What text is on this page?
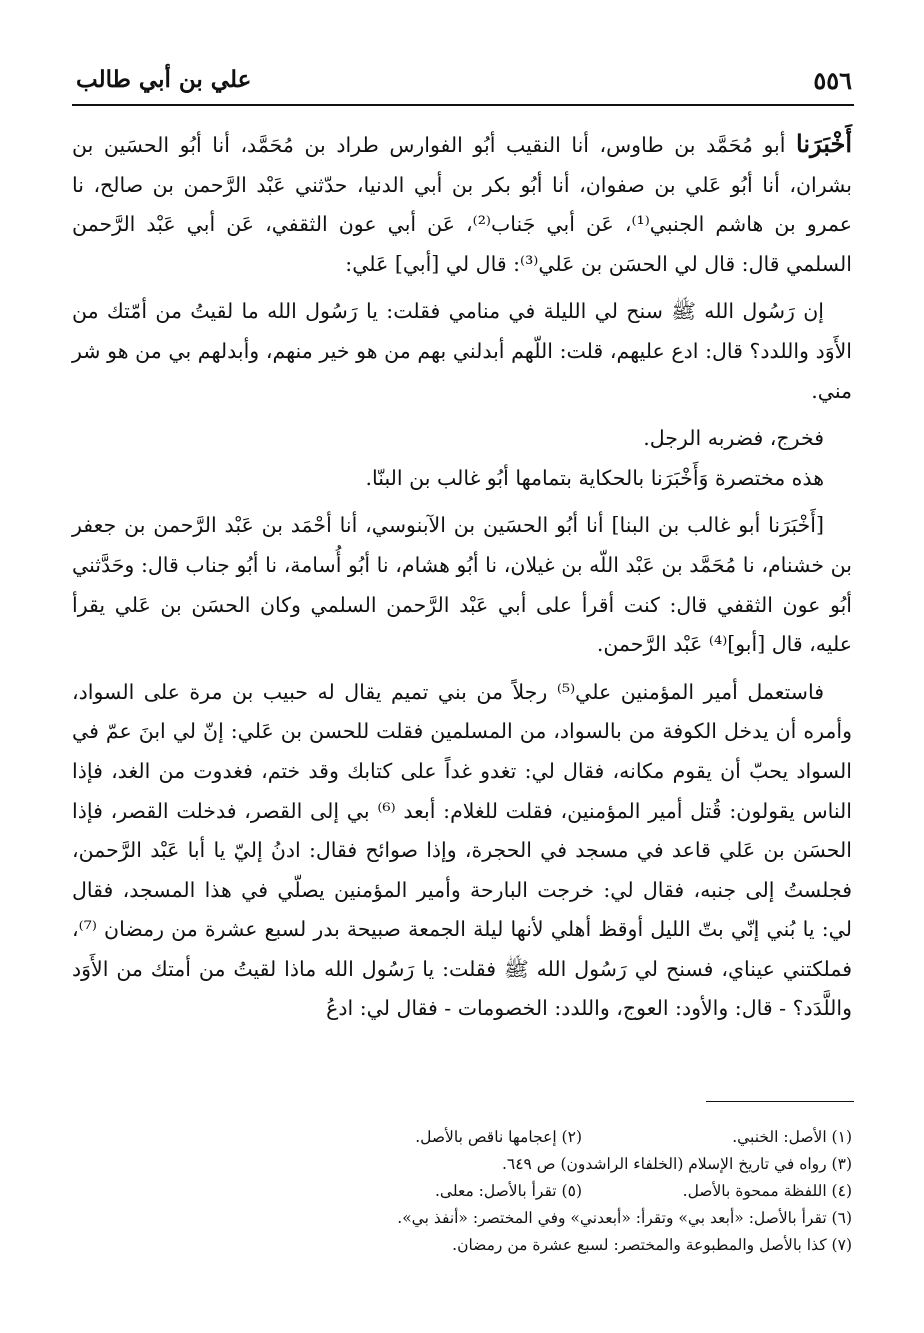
٥٥٦
علي بن أبي طالب

أَخْبَرَنا أبو مُحَمَّد بن طاوس، أنا النقيب أبُو الفوارس طراد بن مُحَمَّد، أنا أبُو الحسَين بن بشران، أنا أبُو عَلي بن صفوان، أنا أبُو بكر بن أبي الدنيا، حدّثني عَبْد الرَّحمن بن صالح، نا عمرو بن هاشم الجنبي⁽¹⁾، عَن أبي جَناب⁽²⁾، عَن أبي عون الثقفي، عَن أبي عَبْد الرَّحمن السلمي قال: قال لي الحسَن بن عَلي⁽³⁾: قال لي [أبي] عَلي:

إن رَسُول الله ﷺ سنح لي الليلة في منامي فقلت: يا رَسُول الله ما لقيتُ من أمّتك من الأَوَد واللدد؟ قال: ادع عليهم، قلت: اللّهم أبدلني بهم من هو خير منهم، وأبدلهم بي من هو شر مني.

فخرج، فضربه الرجل.

هذه مختصرة وَأَخْبَرَنا بالحكاية بتمامها أبُو غالب بن البنّا.

[أَخْبَرَنا أبو غالب بن البنا] أنا أبُو الحسَين بن الآبنوسي، أنا أحْمَد بن عَبْد الرَّحمن بن جعفر بن خشنام، نا مُحَمَّد بن عَبْد اللّه بن غيلان، نا أبُو هشام، نا أبُو أُسامة، نا أبُو جناب قال: وحَدَّثني أبُو عون الثقفي قال: كنت أقرأ على أبي عَبْد الرَّحمن السلمي وكان الحسَن بن عَلي يقرأ عليه، قال [أبو]⁽⁴⁾ عَبْد الرَّحمن.

فاستعمل أمير المؤمنين علي⁽⁵⁾ رجلاً من بني تميم يقال له حبيب بن مرة على السواد، وأمره أن يدخل الكوفة من بالسواد، من المسلمين فقلت للحسن بن عَلي: إنّ لي ابنَ عمّ في السواد يحبّ أن يقوم مكانه، فقال لي: تغدو غداً على كتابك وقد ختم، فغدوت من الغد، فإذا الناس يقولون: قُتل أمير المؤمنين، فقلت للغلام: أبعد ⁽⁶⁾ بي إلى القصر، فدخلت القصر، فإذا الحسَن بن عَلي قاعد في مسجد في الحجرة، وإذا صوائح فقال: ادنُ إليّ يا أبا عَبْد الرَّحمن، فجلستُ إلى جنبه، فقال لي: خرجت البارحة وأمير المؤمنين يصلّي في هذا المسجد، فقال لي: يا بُني إنّي بتّ الليل أوقظ أهلي لأنها ليلة الجمعة صبيحة بدر لسبع عشرة من رمضان ⁽⁷⁾، فملكتني عيناي، فسنح لي رَسُول الله ﷺ فقلت: يا رَسُول الله ماذا لقيتُ من أمتك من الأَوَد واللَّدَد؟ - قال: والأود: العوج، واللدد: الخصومات - فقال لي: ادعُ

(١) الأصل: الخنبي.
(٢) إعجامها ناقص بالأصل.
(٣) رواه في تاريخ الإسلام (الخلفاء الراشدون) ص ٦٤٩.
(٤) اللفظة ممحوة بالأصل.
(٥) تقرأ بالأصل: معلى.
(٦) تقرأ بالأصل: «أبعد بي» وتقرأ: «أبعدني» وفي المختصر: «أنفذ بي».
(٧) كذا بالأصل والمطبوعة والمختصر: لسبع عشرة من رمضان.
